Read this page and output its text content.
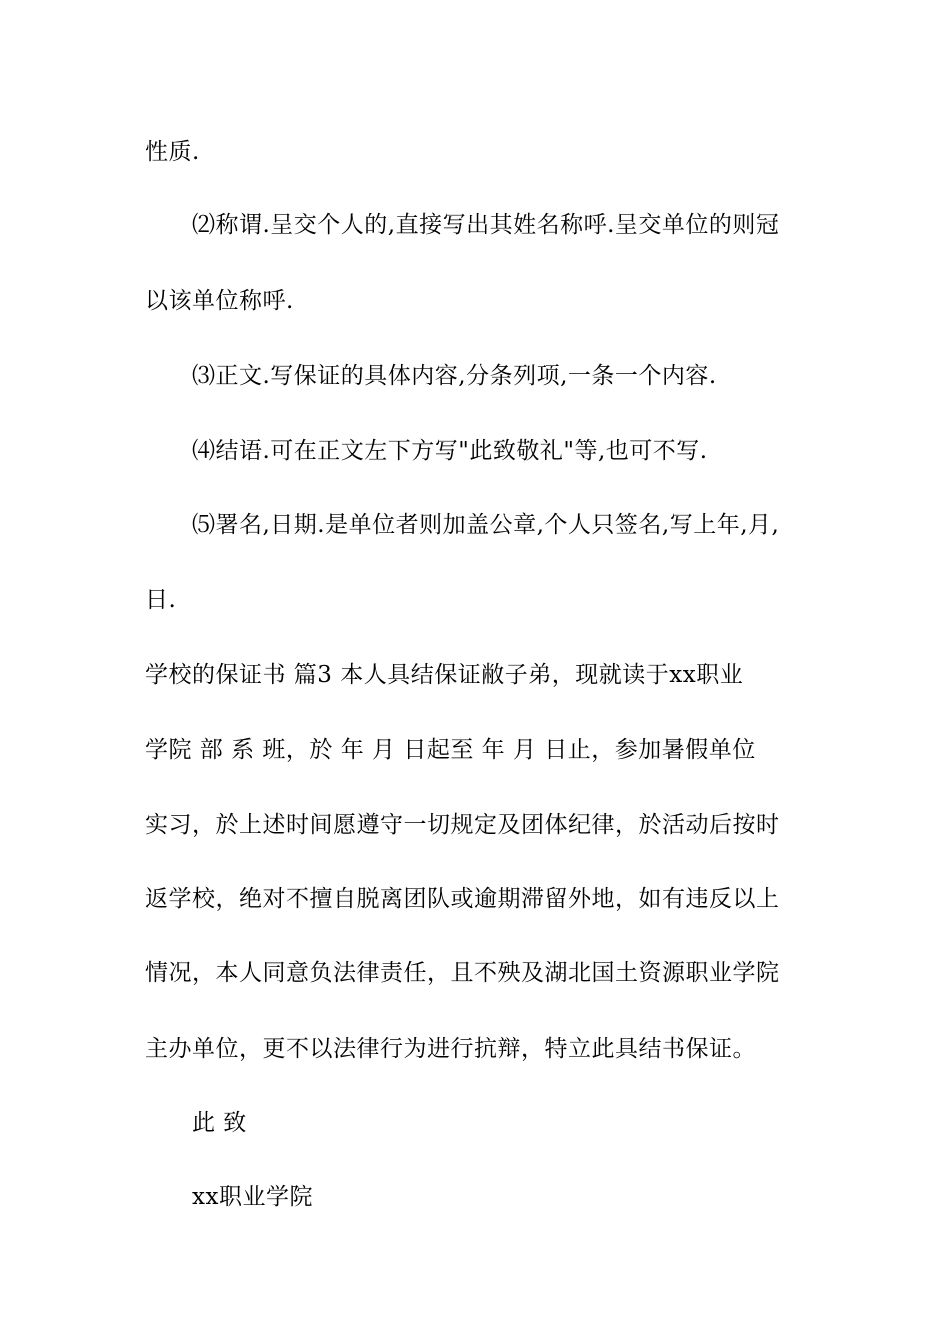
性质.
⑵称谓.呈交个人的,直接写出其姓名称呼.呈交单位的则冠
以该单位称呼.
⑶正文.写保证的具体内容,分条列项,一条一个内容.
⑷结语.可在正文左下方写"此致敬礼"等,也可不写.
⑸署名,日期.是单位者则加盖公章,个人只签名,写上年,月,
日.
学校的保证书 篇3 本人具结保证敝子弟，现就读于xx职业
学院 部 系 班，於 年 月 日起至 年 月 日止，参加暑假单位
实习，於上述时间愿遵守一切规定及团体纪律，於活动后按时
返学校，绝对不擅自脱离团队或逾期滞留外地，如有违反以上
情况，本人同意负法律责任，且不殃及湖北国土资源职业学院
主办单位，更不以法律行为进行抗辩，特立此具结书保证。
此 致
xx职业学院
